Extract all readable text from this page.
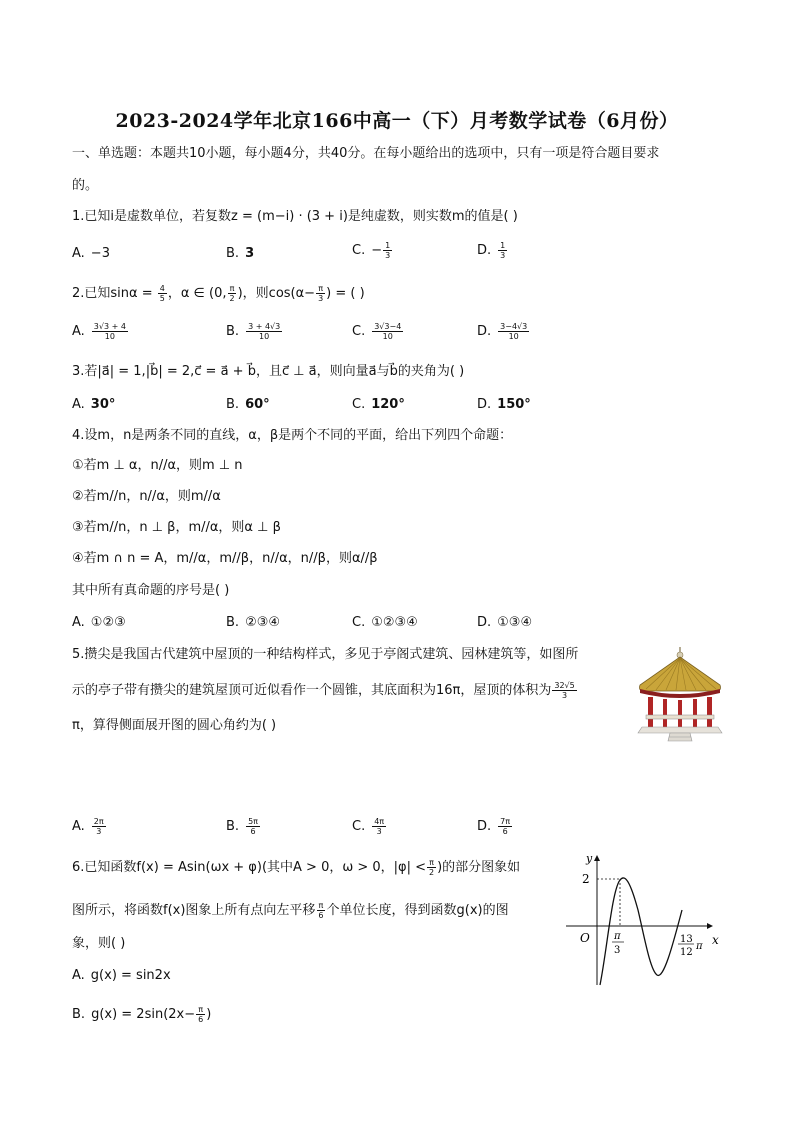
2023-2024学年北京166中高一（下）月考数学试卷（6月份）
一、单选题：本题共10小题，每小题4分，共40分。在每小题给出的选项中，只有一项是符合题目要求
的。
1.已知i是虚数单位，若复数z = (m−i) · (3 + i)是纯虚数，则实数m的值是( )
A. −3	B. 3	C. − $\frac{1}{3}$	D. $\frac{1}{3}$
2.已知$\sin\alpha = \frac{4}{5}$ ，α ∈ (0, $\frac{\pi}{2}$ )，则$\cos(\alpha- \frac{\pi}{3}$ ) = ( )
A. $\frac{3√3 + 4}{10}$	B. $\frac{3 + 4√3}{10}$	C. $\frac{3√3-4}{10}$	D. $\frac{3-4√3}{10}$
3.若|a⃗| = 1,|b⃗| = 2,c⃗ = a⃗ + b⃗，且c⃗ ⊥ a⃗，则向量a⃗与b⃗的夹角为( )
A. 30°	B. 60°	C. 120°	D. 150°
4.设m，n是两条不同的直线，α，β是两个不同的平面，给出下列四个命题：
①若m ⊥ α，n//α，则m ⊥ n
②若m//n，n//α，则m//α
③若m//n，n ⊥ β，m//α，则α ⊥ β
④若m ∩ n = A，m//α，m//β，n//α，n//β，则α//β
其中所有真命题的序号是( )
A. ①②③	B. ②③④	C. ①②③④	D. ①③④
5.攒尖是我国古代建筑中屋顶的一种结构样式，多见于亭阁式建筑、园林建筑等，如图所
示的亭子带有攒尖的建筑屋顶可近似看作一个圆锥，其底面积为16π，屋顶的体积为 $\frac{32√5}{3}$
π，算得侧面展开图的圆心角约为( )
A. $\frac{2\pi}{3}$	B. $\frac{5\pi}{6}$	C. $\frac{4\pi}{3}$	D. $\frac{7\pi}{6}$
6.已知函数f(x) = Asin(ωx + φ)(其中A > 0，ω > 0，$|\varphi| < \frac{\pi}{2}$ )的部分图象如
图所示，将函数f(x)图象上所有点向左平移 $\frac{\pi}{6}$ 个单位长度，得到函数g(x)的图
象，则( )
A. g(x) = sin2x
B. $g(x) = 2\sin(2x- \frac{\pi}{6}$ )
y
x
O
2
π
3
13
12
π
